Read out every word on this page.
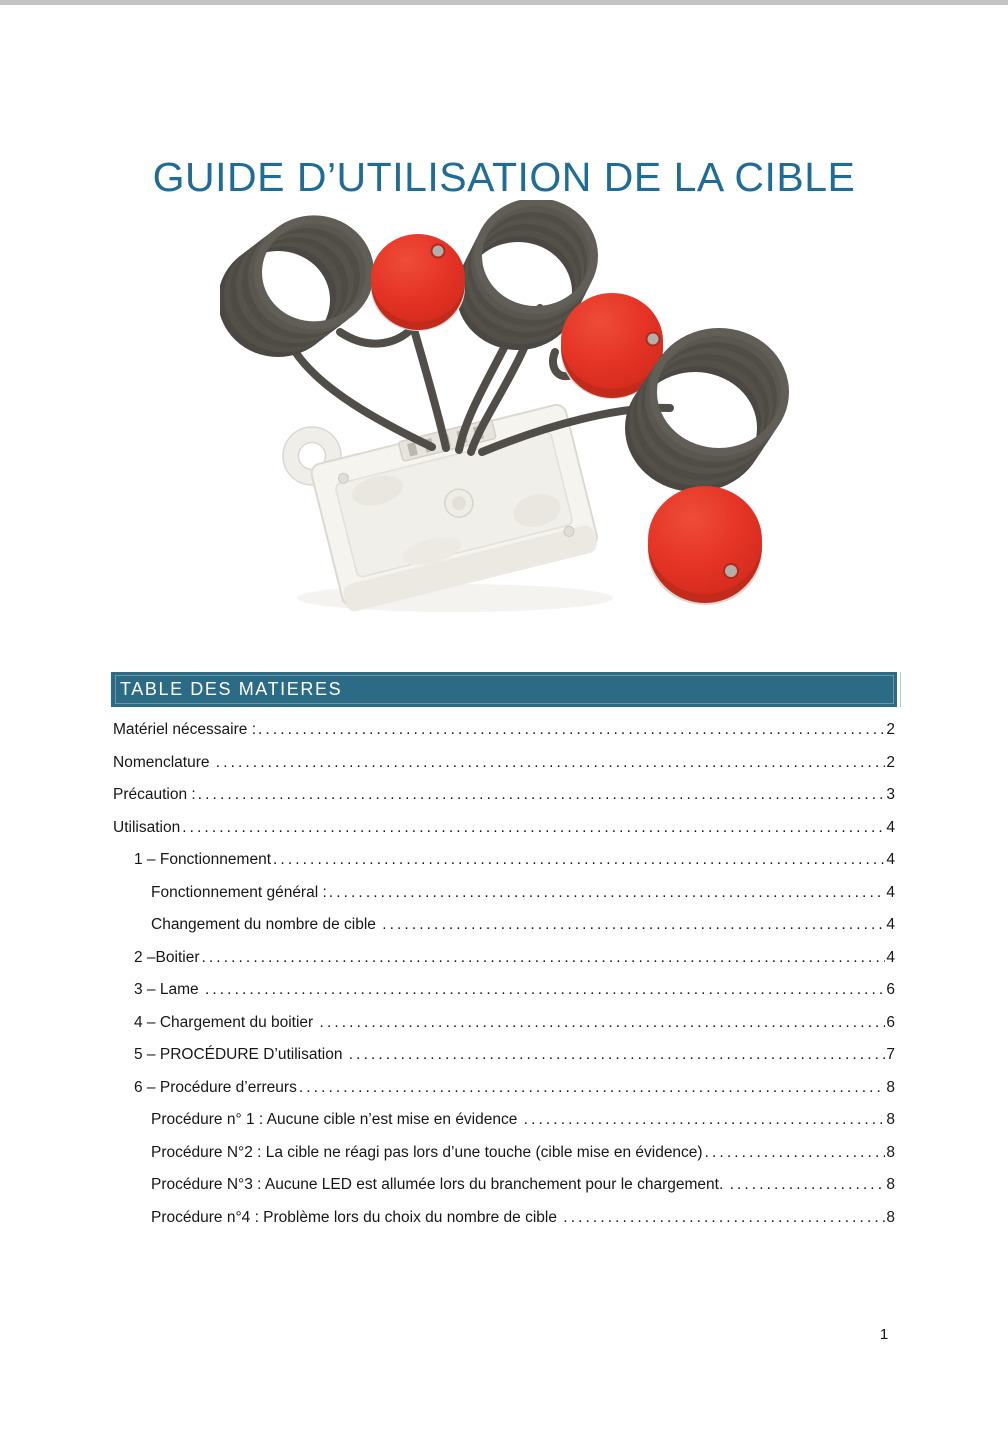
GUIDE D’UTILISATION DE LA CIBLE
TABLE DES MATIERES
Matériel nécessaire : .....	2
Nomenclature .....	2
Précaution : .....	3
Utilisation .....	4
1 – Fonctionnement .....	4
Fonctionnement général : .....	4
Changement du nombre de cible .....	4
2 –Boitier .....	4
3 – Lame .....	6
4 – Chargement du boitier .....	6
5 – PROCÉDURE D’utilisation .....	7
6 – Procédure d’erreurs .....	8
Procédure n° 1 : Aucune cible n’est mise en évidence .....	8
Procédure N°2 : La cible ne réagi pas lors d’une touche (cible mise en évidence) .....	8
Procédure N°3 : Aucune LED est allumée lors du branchement pour le chargement. .....	8
Procédure n°4 : Problème lors du choix du nombre de cible .....	8
1
